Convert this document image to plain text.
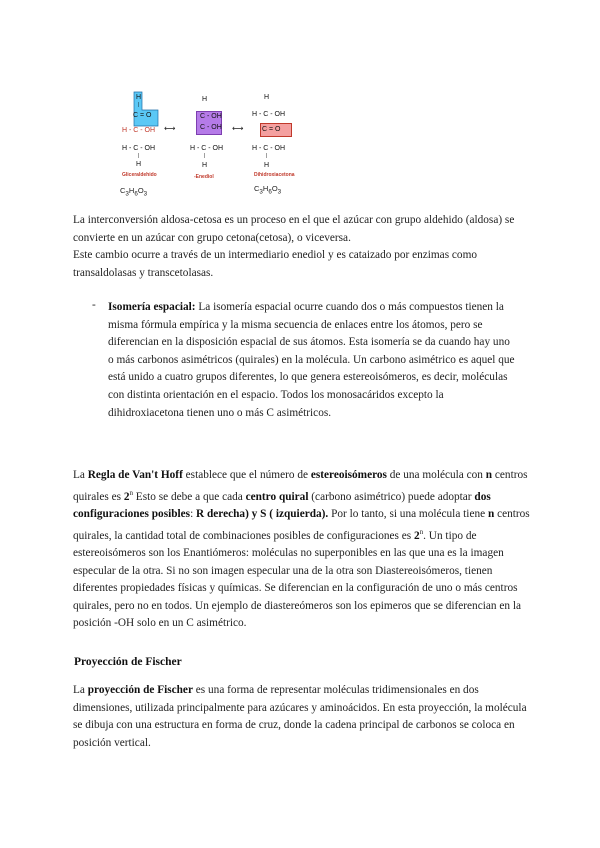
H
|
C = O
H - C - OH
H - C - OH
|
H
Gliceraldehido
$C_3H_6O_3$
⟷
H
C - OH
C - OH
H - C - OH
|
H
-Enediol
⟷
H
H - C - OH
C = O
H - C - OH
|
H
Dihidroxiacetona
$C_3H_6O_3$
La interconversión aldosa-cetosa es un proceso en el que el azúcar con grupo aldehido (aldosa) se convierte en un azúcar con grupo cetona(cetosa), o viceversa.
Este cambio ocurre a través de un intermediario enediol y es cataizado por enzimas como transaldolasas y transcetolasas.
- Isomería espacial: La isomería espacial ocurre cuando dos o más compuestos tienen la misma fórmula empírica y la misma secuencia de enlaces entre los átomos, pero se diferencian en la disposición espacial de sus átomos. Esta isomería se da cuando hay uno o más carbonos asimétricos (quirales) en la molécula. Un carbono asimétrico es aquel que está unido a cuatro grupos diferentes, lo que genera estereoisómeros, es decir, moléculas con distinta orientación en el espacio. Todos los monosacáridos excepto la dihidroxiacetona tienen uno o más C asimétricos.
La Regla de Van't Hoff establece que el número de estereoisómeros de una molécula con n centros quirales es 2$^n$ Esto se debe a que cada centro quiral (carbono asimétrico) puede adoptar dos configuraciones posibles: R derecha) y S ( izquierda). Por lo tanto, si una molécula tiene n centros quirales, la cantidad total de combinaciones posibles de configuraciones es 2$^n$. Un tipo de estereoisómeros son los Enantiómeros: moléculas no superponibles en las que una es la imagen especular de la otra. Si no son imagen especular una de la otra son Diastereoisómeros, tienen diferentes propiedades físicas y químicas. Se diferencian en la configuración de uno o más centros quirales, pero no en todos. Un ejemplo de diastereómeros son los epimeros que se diferencian en la posición -OH solo en un C asimétrico.
Proyección de Fischer
La proyección de Fischer es una forma de representar moléculas tridimensionales en dos dimensiones, utilizada principalmente para azúcares y aminoácidos. En esta proyección, la molécula se dibuja con una estructura en forma de cruz, donde la cadena principal de carbonos se coloca en posición vertical.
